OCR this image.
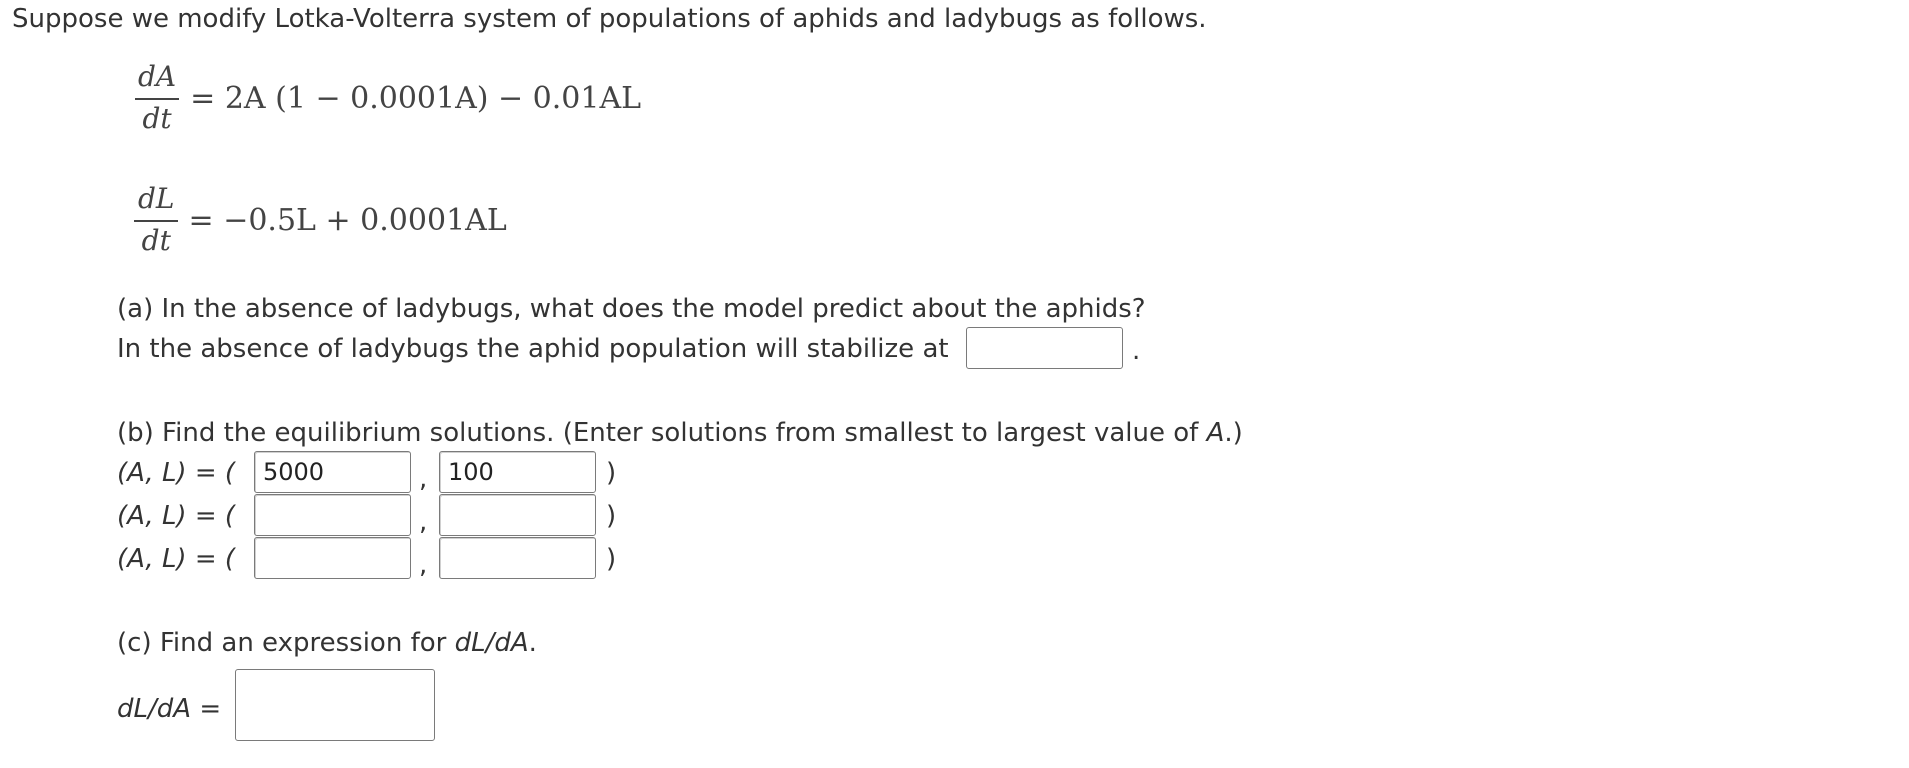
Suppose we modify Lotka-Volterra system of populations of aphids and ladybugs as follows.
$\frac{dA}{dt} = 2A$ (1 − 0.0001A) − 0.01AL
$\frac{dL}{dt} = -0.5L + 0.0001AL$
(a) In the absence of ladybugs, what does the model predict about the aphids?
In the absence of ladybugs the aphid population will stabilize at	.
(b) Find the equilibrium solutions. (Enter solutions from smallest to largest value of A.)
(A, L) = (
5000	,
100	)
(A, L) = (	,	)
(A, L) = (	,	)
(c) Find an expression for dL/dA.
dL/dA =
